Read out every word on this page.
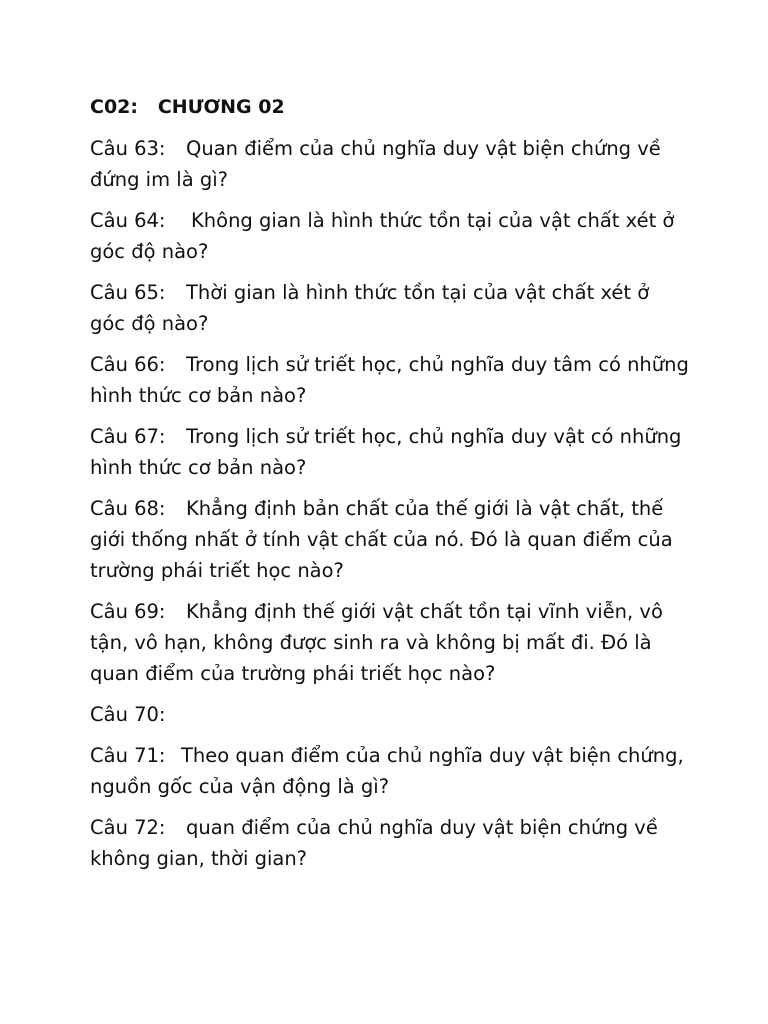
C02:   CHƯƠNG 02

Câu 63: Quan điểm của chủ nghĩa duy vật biện chứng về đứng im là gì?

Câu 64: Không gian là hình thức tồn tại của vật chất xét ở góc độ nào?

Câu 65: Thời gian là hình thức tồn tại của vật chất xét ở góc độ nào?

Câu 66: Trong lịch sử triết học, chủ nghĩa duy tâm có những hình thức cơ bản nào?

Câu 67: Trong lịch sử triết học, chủ nghĩa duy vật có những hình thức cơ bản nào?

Câu 68: Khẳng định bản chất của thế giới là vật chất, thế giới thống nhất ở tính vật chất của nó. Đó là quan điểm của trường phái triết học nào?

Câu 69: Khẳng định thế giới vật chất tồn tại vĩnh viễn, vô tận, vô hạn, không được sinh ra và không bị mất đi. Đó là quan điểm của trường phái triết học nào?

Câu 70:

Câu 71: Theo quan điểm của chủ nghĩa duy vật biện chứng, nguồn gốc của vận động là gì?

Câu 72: quan điểm của chủ nghĩa duy vật biện chứng về không gian, thời gian?
